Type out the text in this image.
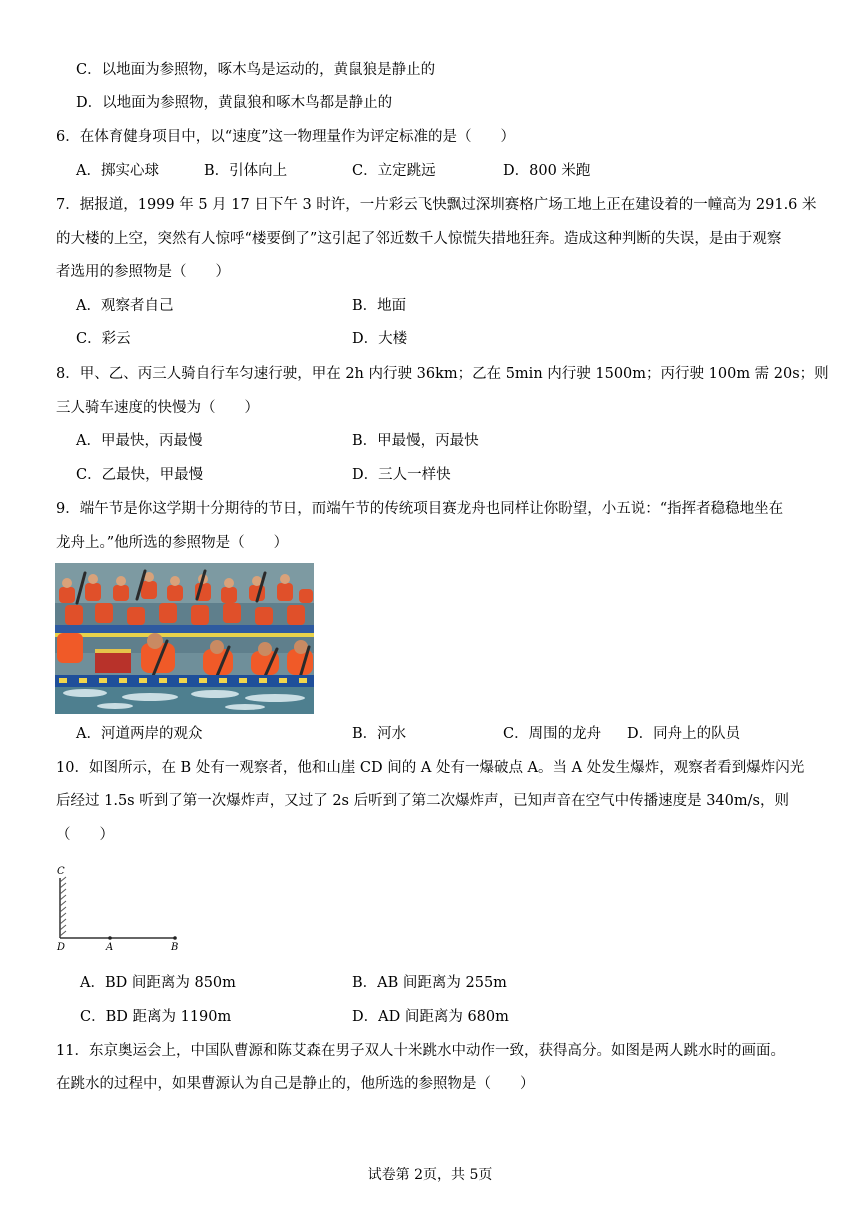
C．以地面为参照物，啄木鸟是运动的，黄鼠狼是静止的
D．以地面为参照物，黄鼠狼和啄木鸟都是静止的
6．在体育健身项目中，以“速度”这一物理量作为评定标准的是（　　）
A．掷实心球	B．引体向上	C．立定跳远	D．800 米跑
7．据报道，1999 年 5 月 17 日下午 3 时许，一片彩云飞快飘过深圳赛格广场工地上正在建设着的一幢高为 291.6 米
的大楼的上空，突然有人惊呼“楼要倒了”这引起了邻近数千人惊慌失措地狂奔。造成这种判断的失误，是由于观察
者选用的参照物是（　　）
A．观察者自己	B．地面
C．彩云	D．大楼
8．甲、乙、丙三人骑自行车匀速行驶，甲在 2h 内行驶 36km；乙在 5min 内行驶 1500m；丙行驶 100m 需 20s；则
三人骑车速度的快慢为（　　）
A．甲最快，丙最慢	B．甲最慢，丙最快
C．乙最快，甲最慢	D．三人一样快
9．端午节是你这学期十分期待的节日，而端午节的传统项目赛龙舟也同样让你盼望，小五说：“指挥者稳稳地坐在
龙舟上。”他所选的参照物是（　　）
A．河道两岸的观众	B．河水	C．周围的龙舟 D．同舟上的队员
10．如图所示，在 B 处有一观察者，他和山崖 CD 间的 A 处有一爆破点 A。当 A 处发生爆炸，观察者看到爆炸闪光
后经过 1.5s 听到了第一次爆炸声，又过了 2s 后听到了第二次爆炸声，已知声音在空气中传播速度是 340m/s，则
（　　）
C
D	A	B
A．BD 间距离为 850m	B．AB 间距离为 255m
C．BD 距离为 1190m	D．AD 间距离为 680m
11．东京奥运会上，中国队曹源和陈艾森在男子双人十米跳水中动作一致，获得高分。如图是两人跳水时的画面。
在跳水的过程中，如果曹源认为自己是静止的，他所选的参照物是（　　）
试卷第 2页，共 5页
